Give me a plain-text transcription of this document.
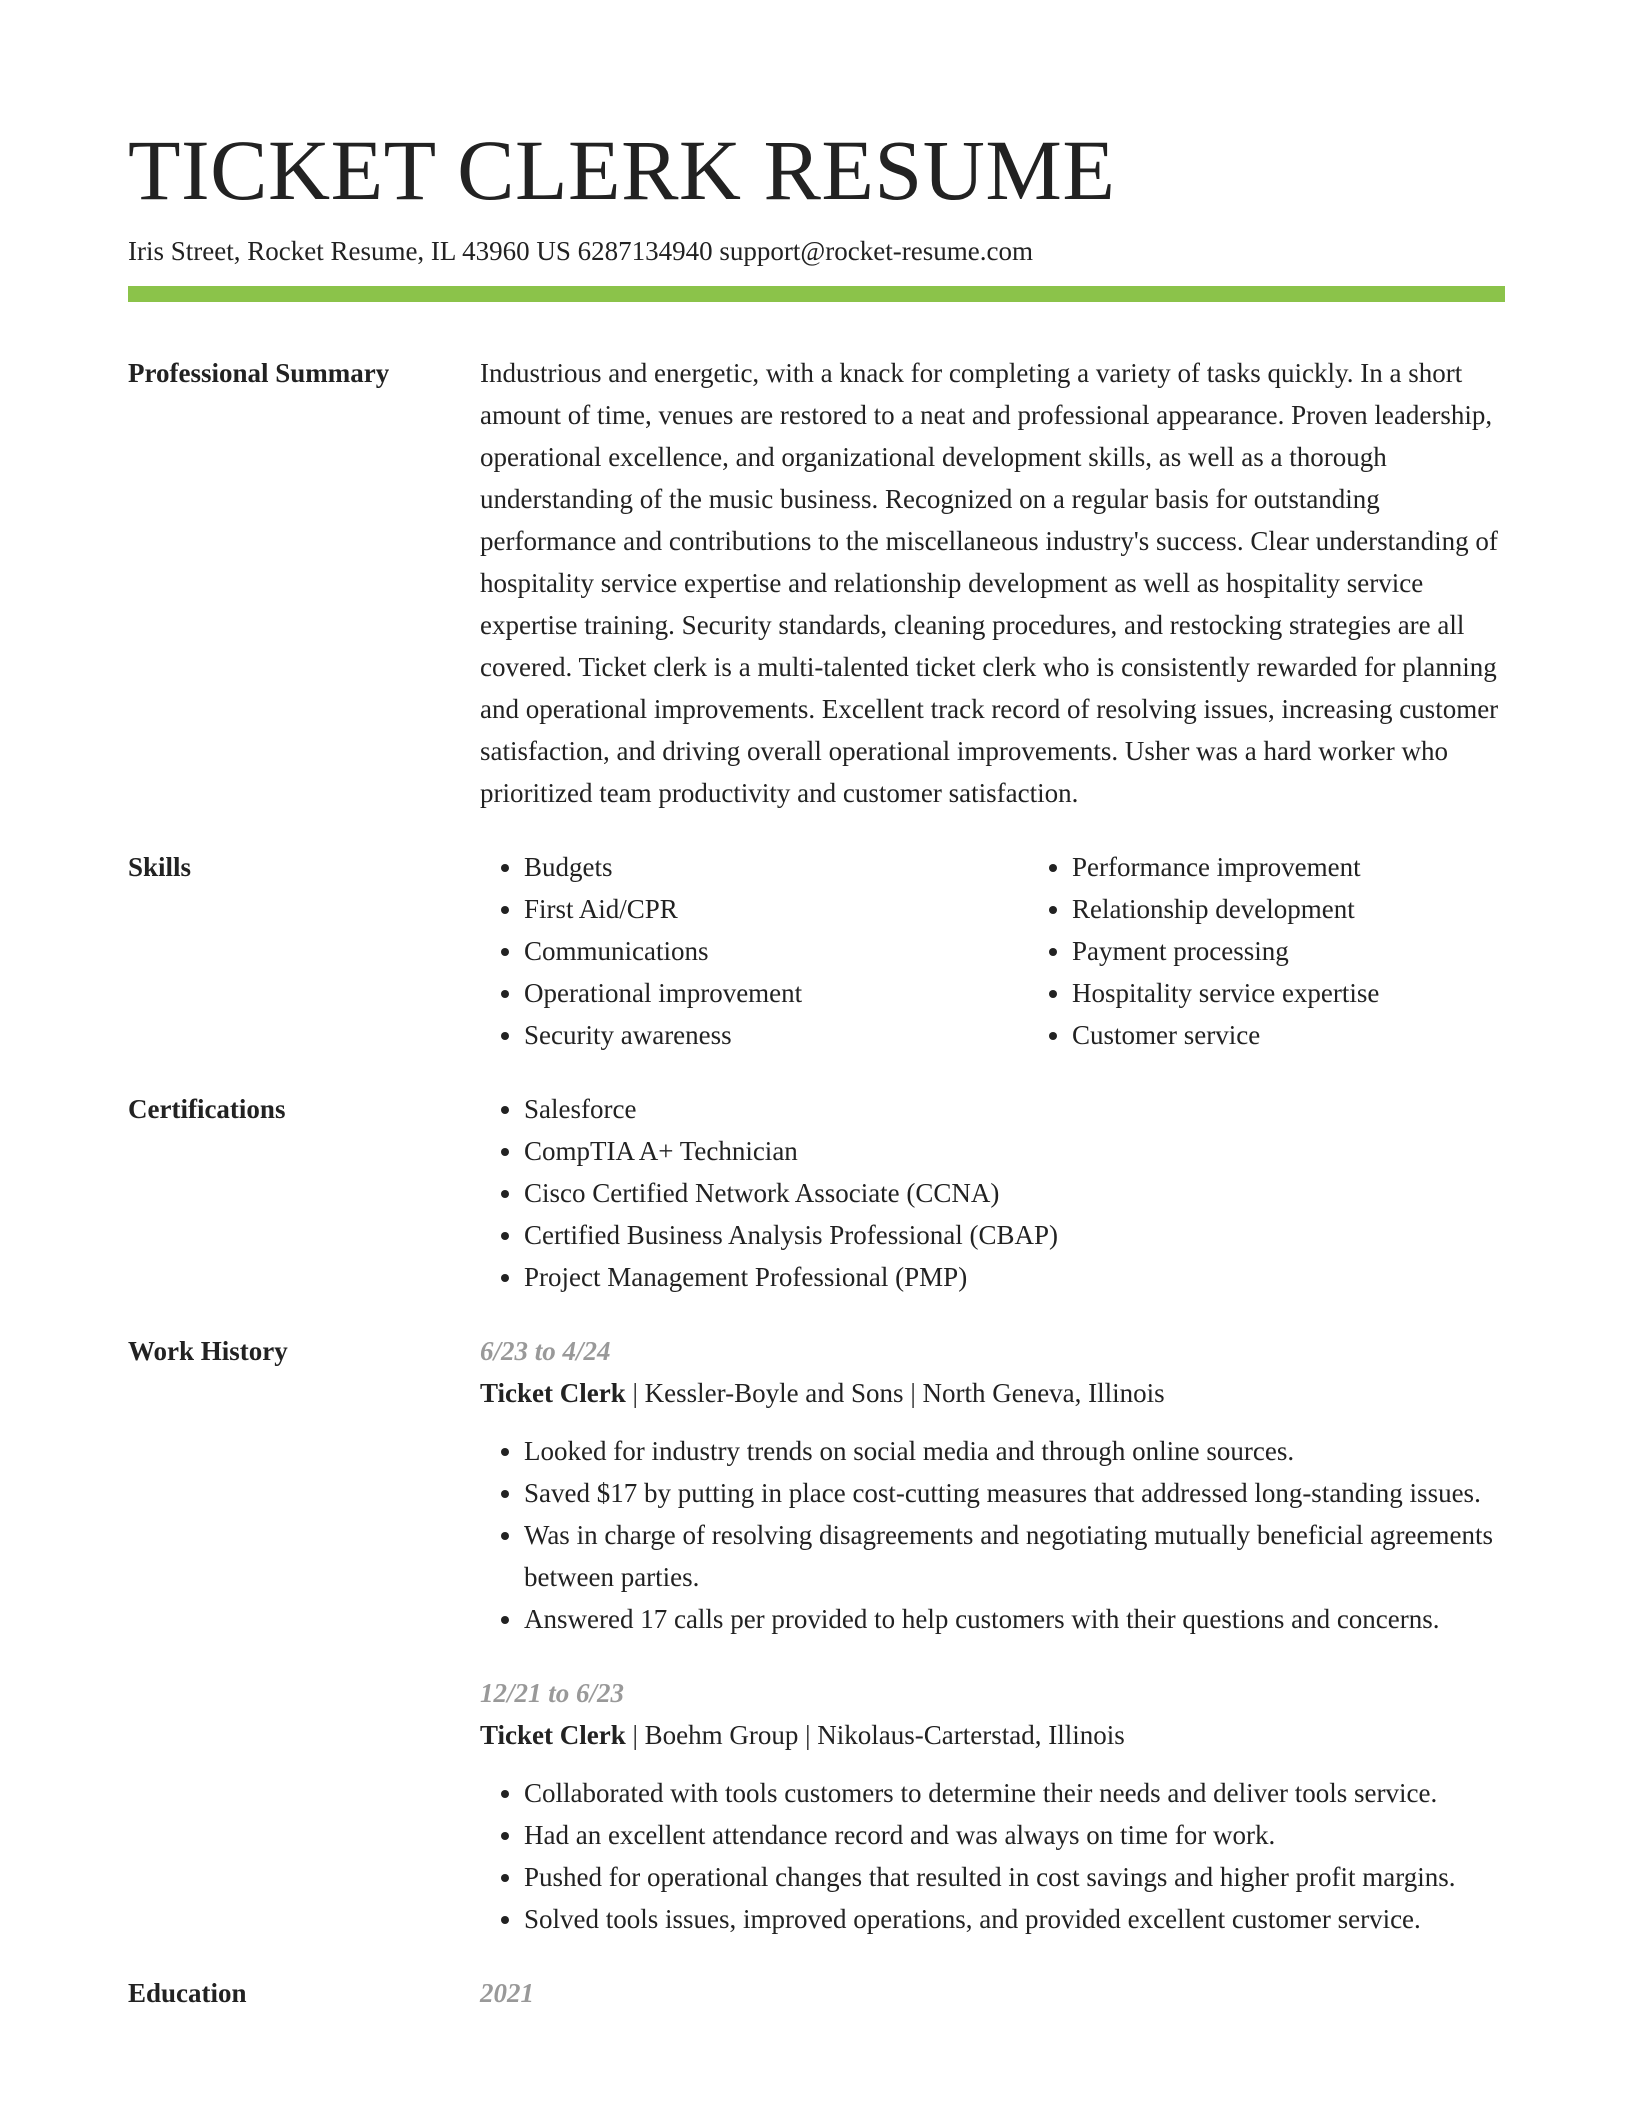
TICKET CLERK RESUME
Iris Street, Rocket Resume, IL 43960 US 6287134940 support@rocket-resume.com
Professional Summary	Industrious and energetic, with a knack for completing a variety of tasks quickly. In a short amount of time, venues are restored to a neat and professional appearance. Proven leadership, operational excellence, and organizational development skills, as well as a thorough understanding of the music business. Recognized on a regular basis for outstanding performance and contributions to the miscellaneous industry's success. Clear understanding of hospitality service expertise and relationship development as well as hospitality service expertise training. Security standards, cleaning procedures, and restocking strategies are all covered. Ticket clerk is a multi-talented ticket clerk who is consistently rewarded for planning and operational improvements. Excellent track record of resolving issues, increasing customer satisfaction, and driving overall operational improvements. Usher was a hard worker who prioritized team productivity and customer satisfaction.

Skills	• Budgets
• First Aid/CPR
• Communications
• Operational improvement
• Security awareness
• Performance improvement
• Relationship development
• Payment processing
• Hospitality service expertise
• Customer service
Certifications	• Salesforce
• CompTIA A+ Technician
• Cisco Certified Network Associate (CCNA)
• Certified Business Analysis Professional (CBAP)
• Project Management Professional (PMP)
Work History	6/23 to 4/24
Ticket Clerk | Kessler-Boyle and Sons | North Geneva, Illinois
• Looked for industry trends on social media and through online sources.
• Saved $17 by putting in place cost-cutting measures that addressed long-standing issues.
• Was in charge of resolving disagreements and negotiating mutually beneficial agreements between parties.
• Answered 17 calls per provided to help customers with their questions and concerns.
12/21 to 6/23
Ticket Clerk | Boehm Group | Nikolaus-Carterstad, Illinois
• Collaborated with tools customers to determine their needs and deliver tools service.
• Had an excellent attendance record and was always on time for work.
• Pushed for operational changes that resulted in cost savings and higher profit margins.
• Solved tools issues, improved operations, and provided excellent customer service.
Education	2021
